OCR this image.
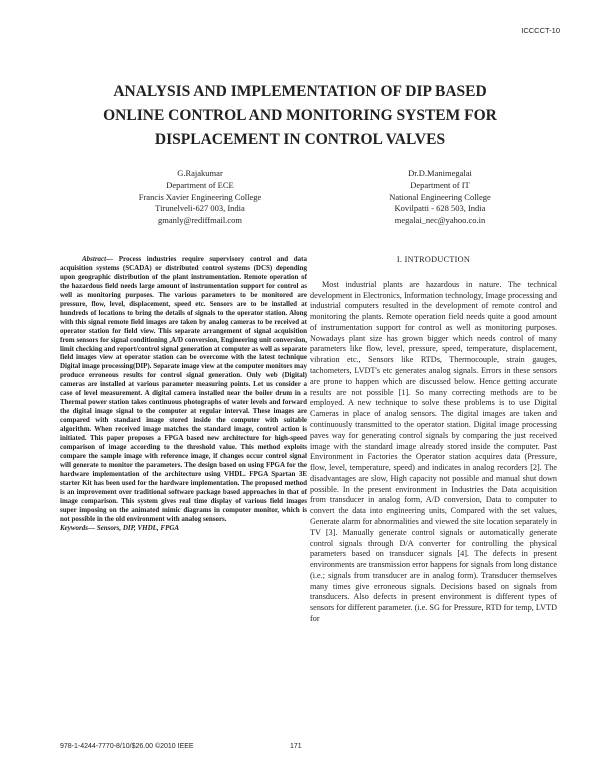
ICCCCT-10
ANALYSIS AND IMPLEMENTATION OF DIP BASED
ONLINE CONTROL AND MONITORING SYSTEM FOR
DISPLACEMENT IN CONTROL VALVES
G.Rajakumar
Department of ECE
Francis Xavier Engineering College
Tirunelveli-627 003, India
gmanly@rediffmail.com
Dr.D.Manimegalai
Department of IT
National Engineering College
Kovilpatti - 628 503, India
megalai_nec@yahoo.co.in
Abstract— Process industries require supervisory control and data acquisition systems (SCADA) or distributed control systems (DCS) depending upon geographic distribution of the plant instrumentation. Remote operation of the hazardous field needs large amount of instrumentation support for control as well as monitoring purposes. The various parameters to be monitored are pressure, flow, level, displacement, speed etc. Sensors are to be installed at hundreds of locations to bring the details of signals to the operator station. Along with this signal remote field images are taken by analog cameras to be received at operator station for field view. This separate arrangement of signal acquisition from sensors for signal conditioning ,A/D conversion, Engineering unit conversion, limit checking and report/control signal generation at computer as well as separate field images view at operator station can be overcome with the latest technique Digital image processing(DIP). Separate image view at the computer monitors may produce erroneous results for control signal generation. Only web (Digital) cameras are installed at various parameter measuring points. Let us consider a case of level measurement. A digital camera installed near the boiler drum in a Thermal power station takes continuous photographs of water levels and forward the digital image signal to the computer at regular interval. These images are compared with standard image stored inside the computer with suitable algorithm. When received image matches the standard image, control action is initiated. This paper proposes a FPGA based new architecture for high-speed comparison of image according to the threshold value. This method exploits compare the sample image with reference image, if changes occur control signal will generate to monitor the parameters. The design based on using FPGA for the hardware implementation of the architecture using VHDL. FPGA Spartan 3E starter Kit has been used for the hardware implementation. The proposed method is an improvement over traditional software package based approaches in that of image comparison. This system gives real time display of various field images super imposing on the animated mimic diagrams in computer monitor, which is not possible in the old environment with analog sensors.
Keywords— Sensors, DIP, VHDL, FPGA
I. INTRODUCTION
Most industrial plants are hazardous in nature. The technical development in Electronics, Information technology, Image processing and industrial computers resulted in the development of remote control and monitoring the plants. Remote operation field needs quite a good amount of instrumentation support for control as well as monitoring purposes. Nowadays plant size has grown bigger which needs control of many parameters like flow, level, pressure, speed, temperature, displacement, vibration etc., Sensors like RTDs, Thermocouple, strain gauges, tachometers, LVDT's etc generates analog signals. Errors in these sensors are prone to happen which are discussed below. Hence getting accurate results are not possible [1]. So many correcting methods are to be employed. A new technique to solve these problems is to use Digital Cameras in place of analog sensors. The digital images are taken and continuously transmitted to the operator station. Digital image processing paves way for generating control signals by comparing the just received image with the standard image already stored inside the computer. Past Environment in Factories the Operator station acquires data (Pressure, flow, level, temperature, speed) and indicates in analog recorders [2]. The disadvantages are slow, High capacity not possible and manual shut down possible. In the present environment in Industries the Data acquisition from transducer in analog form, A/D conversion, Data to computer to convert the data into engineering units, Compared with the set values, Generate alarm for abnormalities and viewed the site location separately in TV [3]. Manually generate control signals or automatically generate control signals through D/A converter for controlling the physical parameters based on transducer signals [4]. The defects in present environments are transmission error happens for signals from long distance (i.e.; signals from transducer are in analog form). Transducer themselves many times give erroneous signals. Decisions based on signals from transducers. Also defects in present environment is different types of sensors for different parameter. (i.e. SG for Pressure, RTD for temp, LVTD for
978-1-4244-7770-8/10/$26.00 ©2010 IEEE	171
